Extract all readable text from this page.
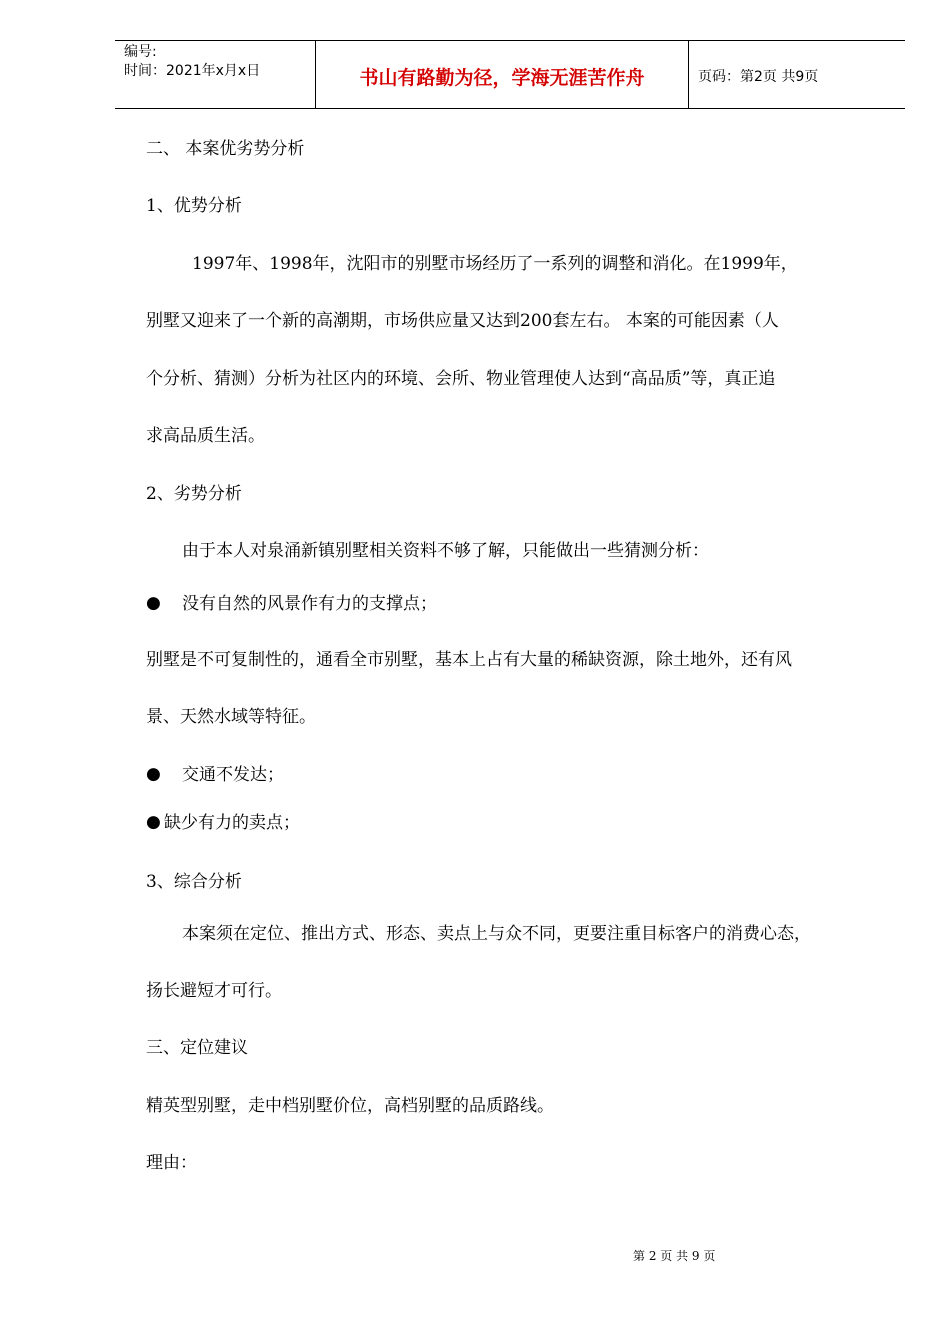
编号:
时间：2021年x月x日	书山有路勤为径，学海无涯苦作舟	页码：第2页 共9页
二、 本案优劣势分析
1、优势分析
1997年、1998年，沈阳市的别墅市场经历了一系列的调整和消化。在1999年，
别墅又迎来了一个新的高潮期，市场供应量又达到200套左右。 本案的可能因素（人
个分析、猜测）分析为社区内的环境、会所、物业管理使人达到“高品质”等，真正追
求高品质生活。
2、劣势分析
由于本人对泉涌新镇别墅相关资料不够了解，只能做出一些猜测分析：
● 没有自然的风景作有力的支撑点；
别墅是不可复制性的，通看全市别墅，基本上占有大量的稀缺资源，除土地外，还有风
景、天然水域等特征。
● 交通不发达；
● 缺少有力的卖点；
3、综合分析
本案须在定位、推出方式、形态、卖点上与众不同，更要注重目标客户的消费心态，
扬长避短才可行。
三、定位建议
精英型别墅，走中档别墅价位，高档别墅的品质路线。
理由：
第 2 页 共 9 页
